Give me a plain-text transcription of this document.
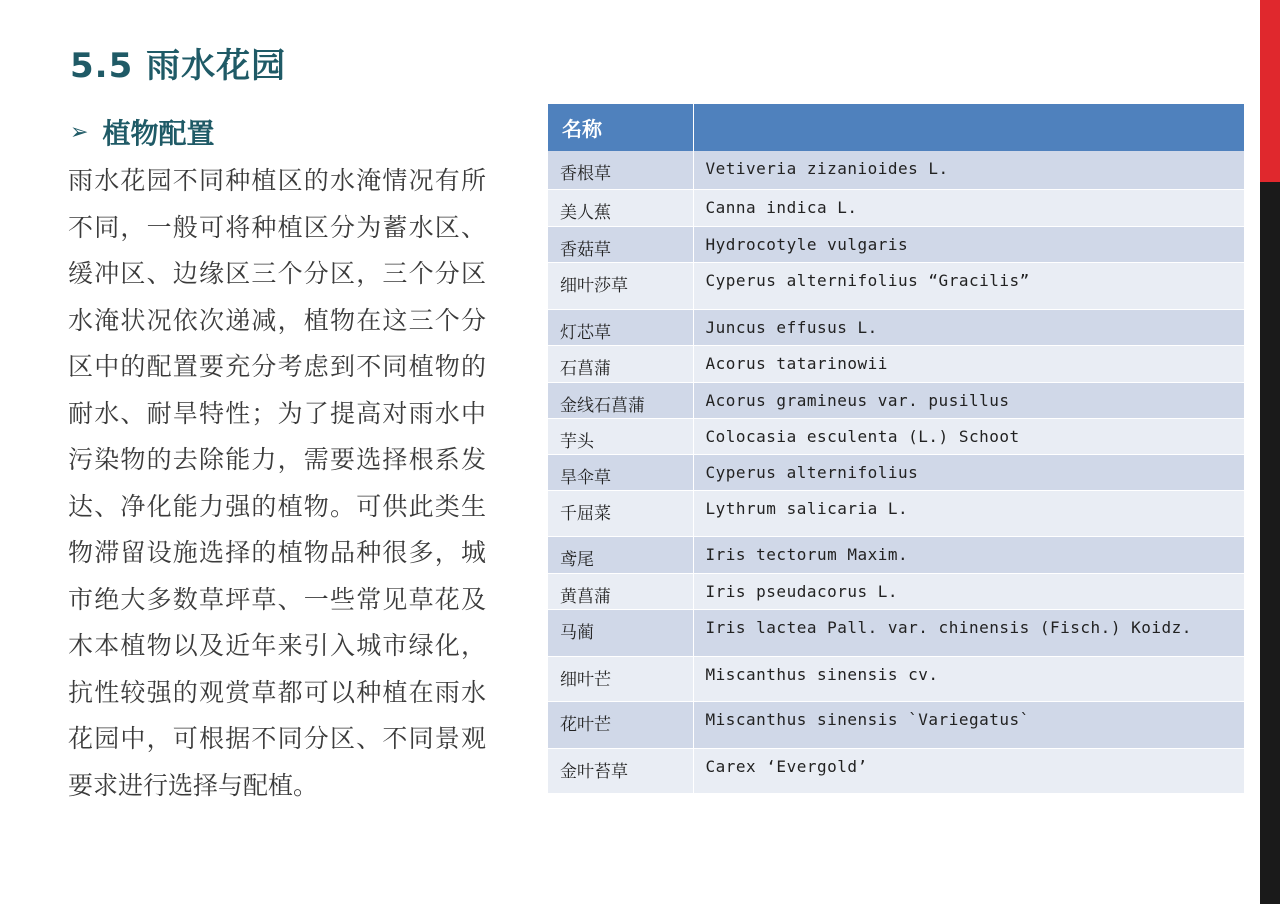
5.5 雨水花园
➢ 植物配置
雨水花园不同种植区的水淹情况有所不同，一般可将种植区分为蓄水区、缓冲区、边缘区三个分区，三个分区水淹状况依次递减，植物在这三个分区中的配置要充分考虑到不同植物的耐水、耐旱特性；为了提高对雨水中污染物的去除能力，需要选择根系发达、净化能力强的植物。可供此类生物滞留设施选择的植物品种很多，城市绝大多数草坪草、一些常见草花及木本植物以及近年来引入城市绿化，抗性较强的观赏草都可以种植在雨水花园中，可根据不同分区、不同景观要求进行选择与配植。
名称	
香根草	Vetiveria zizanioides L.
美人蕉	Canna indica L.
香菇草	Hydrocotyle vulgaris
细叶莎草	Cyperus alternifolius “Gracilis”
灯芯草	Juncus effusus L.
石菖蒲	Acorus tatarinowii
金线石菖蒲	Acorus gramineus var. pusillus
芋头	Colocasia esculenta (L.) Schoot
旱伞草	Cyperus alternifolius
千屈菜	Lythrum salicaria L.
鸢尾	Iris tectorum Maxim.
黄菖蒲	Iris pseudacorus L.
马蔺	Iris lactea Pall. var. chinensis (Fisch.) Koidz.
细叶芒	Miscanthus sinensis cv.
花叶芒	Miscanthus sinensis `Variegatus`
金叶苔草	Carex ‘Evergold’
